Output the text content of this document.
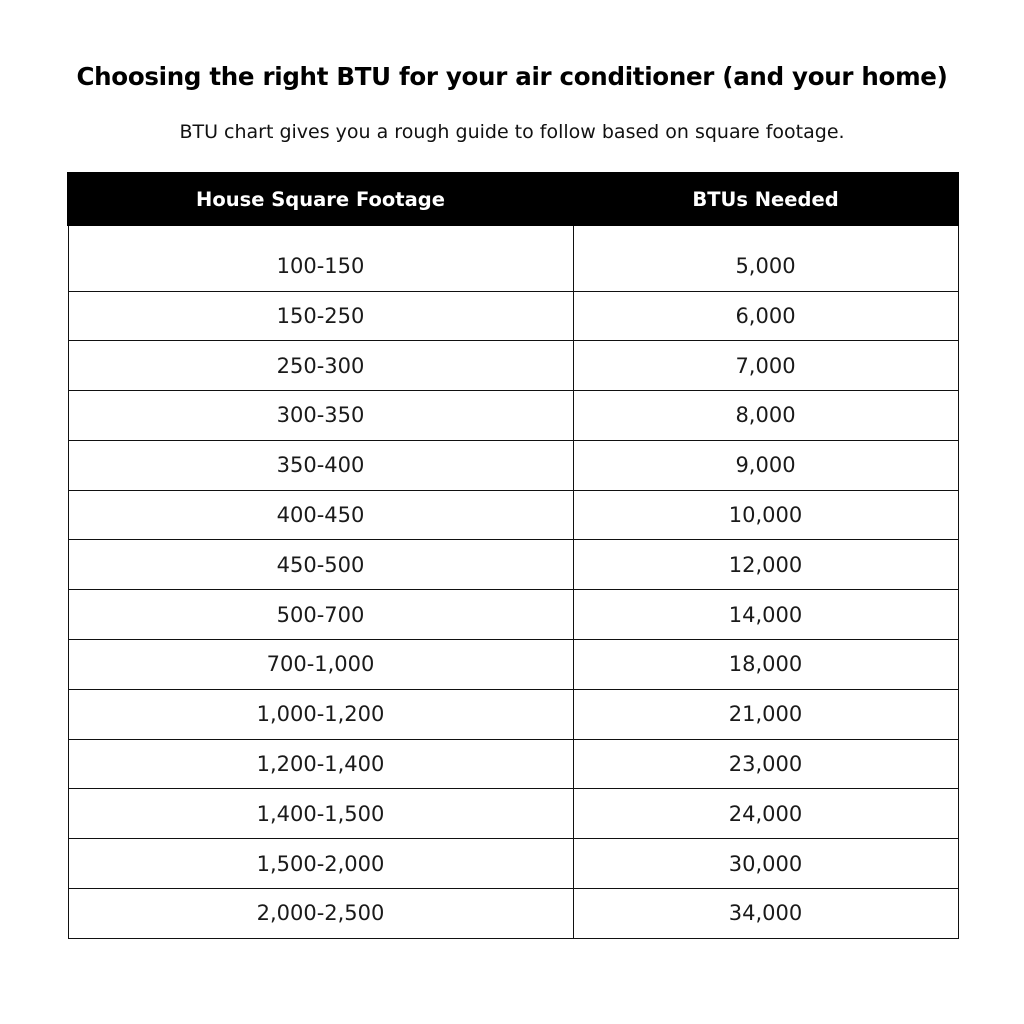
Choosing the right BTU for your air conditioner (and your home)
BTU chart gives you a rough guide to follow based on square footage.
House Square Footage	BTUs Needed
100-150	5,000
150-250	6,000
250-300	7,000
300-350	8,000
350-400	9,000
400-450	10,000
450-500	12,000
500-700	14,000
700-1,000	18,000
1,000-1,200	21,000
1,200-1,400	23,000
1,400-1,500	24,000
1,500-2,000	30,000
2,000-2,500	34,000
